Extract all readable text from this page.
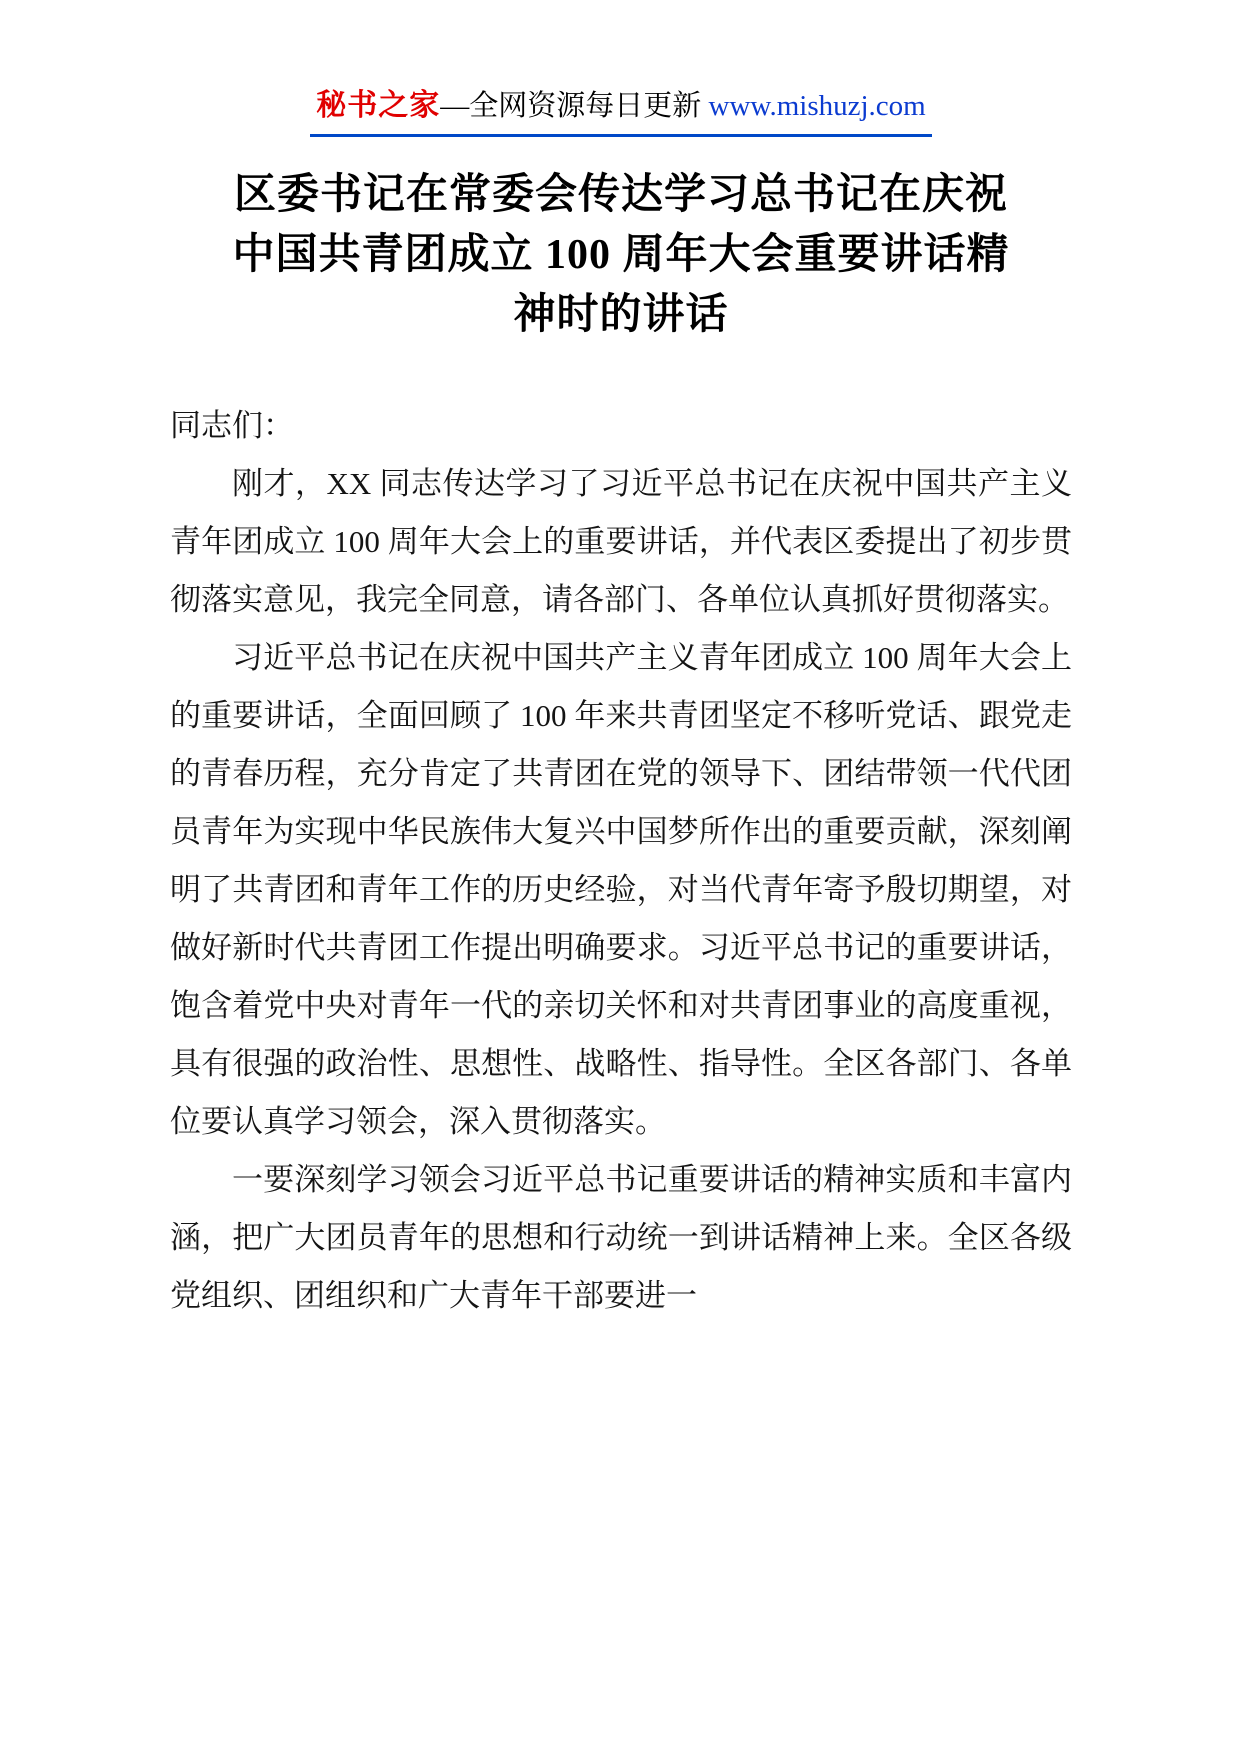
秘书之家—全网资源每日更新 www.mishuzj.com
区委书记在常委会传达学习总书记在庆祝
中国共青团成立 100 周年大会重要讲话精
神时的讲话

同志们：

刚才，XX 同志传达学习了习近平总书记在庆祝中国共产主义青年团成立 100 周年大会上的重要讲话，并代表区委提出了初步贯彻落实意见，我完全同意，请各部门、各单位认真抓好贯彻落实。

习近平总书记在庆祝中国共产主义青年团成立 100 周年大会上的重要讲话，全面回顾了 100 年来共青团坚定不移听党话、跟党走的青春历程，充分肯定了共青团在党的领导下、团结带领一代代团员青年为实现中华民族伟大复兴中国梦所作出的重要贡献，深刻阐明了共青团和青年工作的历史经验，对当代青年寄予殷切期望，对做好新时代共青团工作提出明确要求。习近平总书记的重要讲话，饱含着党中央对青年一代的亲切关怀和对共青团事业的高度重视，具有很强的政治性、思想性、战略性、指导性。全区各部门、各单位要认真学习领会，深入贯彻落实。

一要深刻学习领会习近平总书记重要讲话的精神实质和丰富内涵，把广大团员青年的思想和行动统一到讲话精神上来。全区各级党组织、团组织和广大青年干部要进一
